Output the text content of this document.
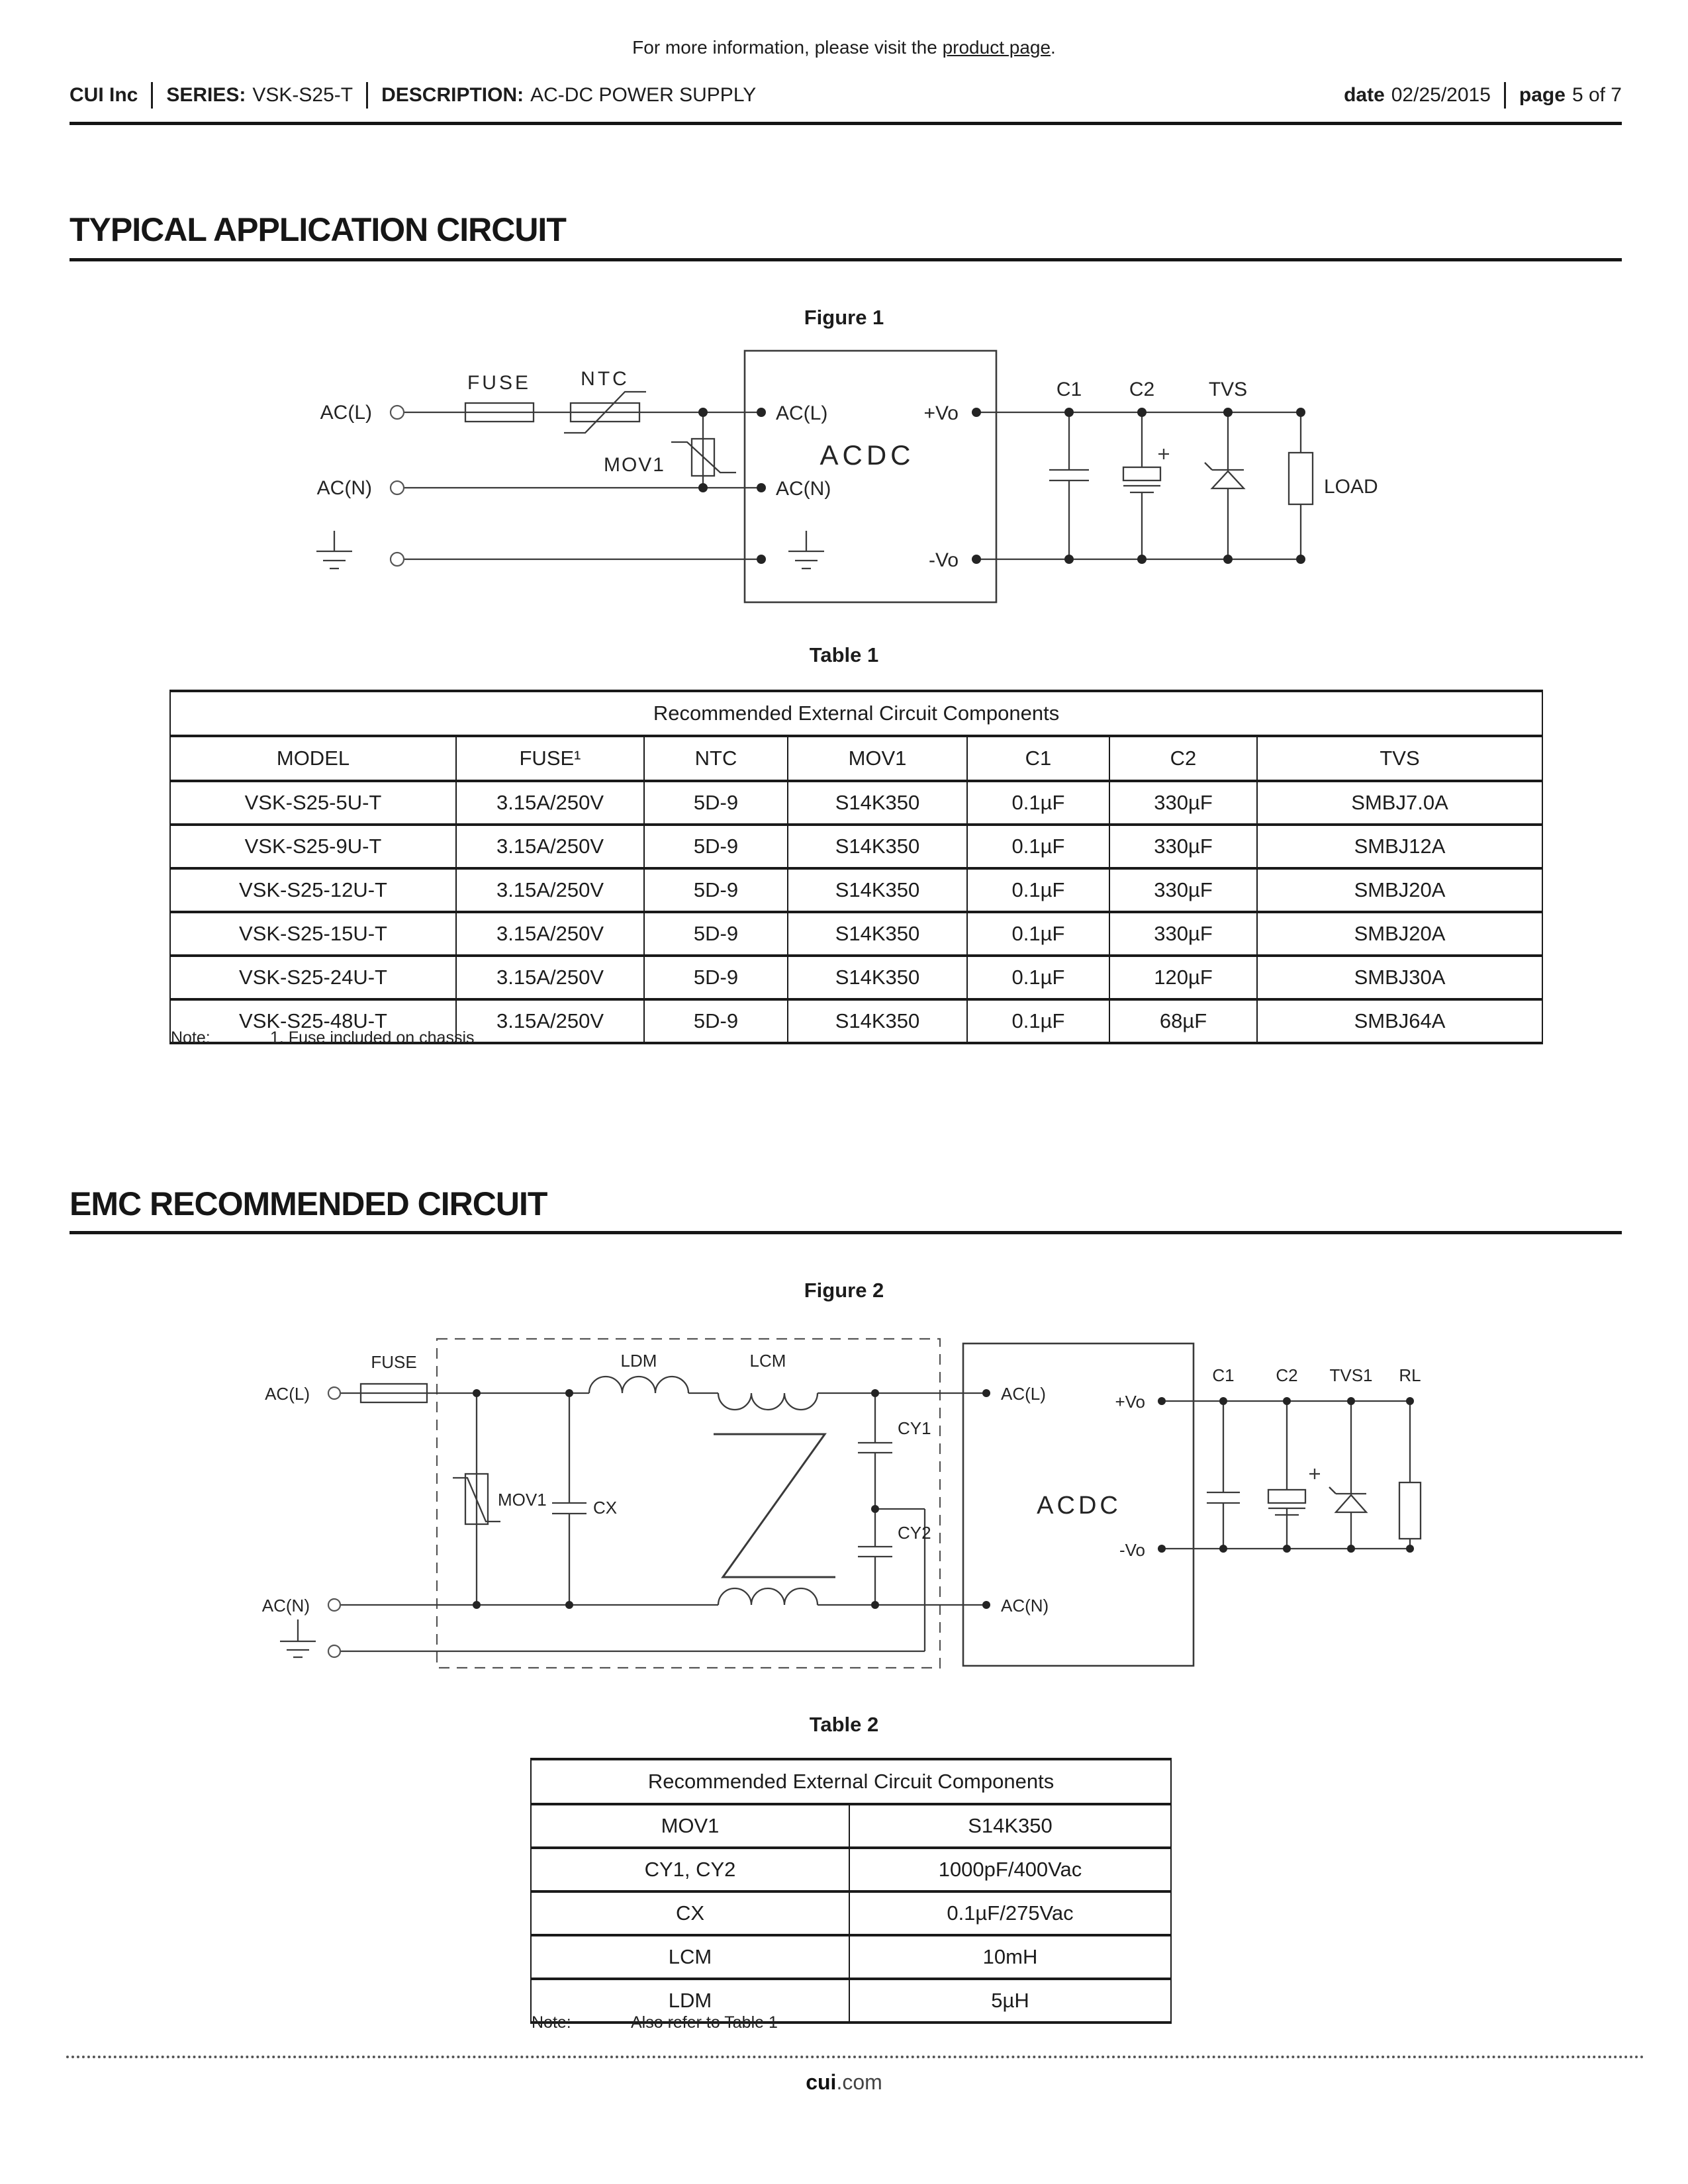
For more information, please visit the product page.
CUI Inc SERIES: VSK-S25-T DESCRIPTION: AC-DC POWER SUPPLY	date 02/25/2015 page 5 of 7
TYPICAL APPLICATION CIRCUIT
Figure 1
AC(L)
AC(N)
FUSE	NTC
MOV1	ACDC
AC(L)
AC(N)
+Vo
-Vo
C1 C2	TVS
LOAD
Table 1
Recommended External Circuit Components						
MODEL	FUSE¹	NTC	MOV1	C1	C2	TVS
VSK-S25-5U-T	3.15A/250V	5D-9	S14K350	0.1µF	330µF	SMBJ7.0A
VSK-S25-9U-T	3.15A/250V	5D-9	S14K350	0.1µF	330µF	SMBJ12A
VSK-S25-12U-T	3.15A/250V	5D-9	S14K350	0.1µF	330µF	SMBJ20A
VSK-S25-15U-T	3.15A/250V	5D-9	S14K350	0.1µF	330µF	SMBJ20A
VSK-S25-24U-T	3.15A/250V	5D-9	S14K350	0.1µF	120µF	SMBJ30A
VSK-S25-48U-T	3.15A/250V	5D-9	S14K350	0.1µF	68µF	SMBJ64A
Note:	1. Fuse included on chassis
EMC RECOMMENDED CIRCUIT
Figure 2
AC(L)
AC(N)
FUSE
MOV1	CX
LDM	LCM
CY1
CY2
ACDC
AC(L)
AC(N)
+Vo
-Vo
C1 C2 TVS1 RL
Table 2
Recommended External Circuit Components	
MOV1	S14K350
CY1, CY2	1000pF/400Vac
CX	0.1µF/275Vac
LCM	10mH
LDM	5µH
Note:	Also refer to Table 1
cui.com
